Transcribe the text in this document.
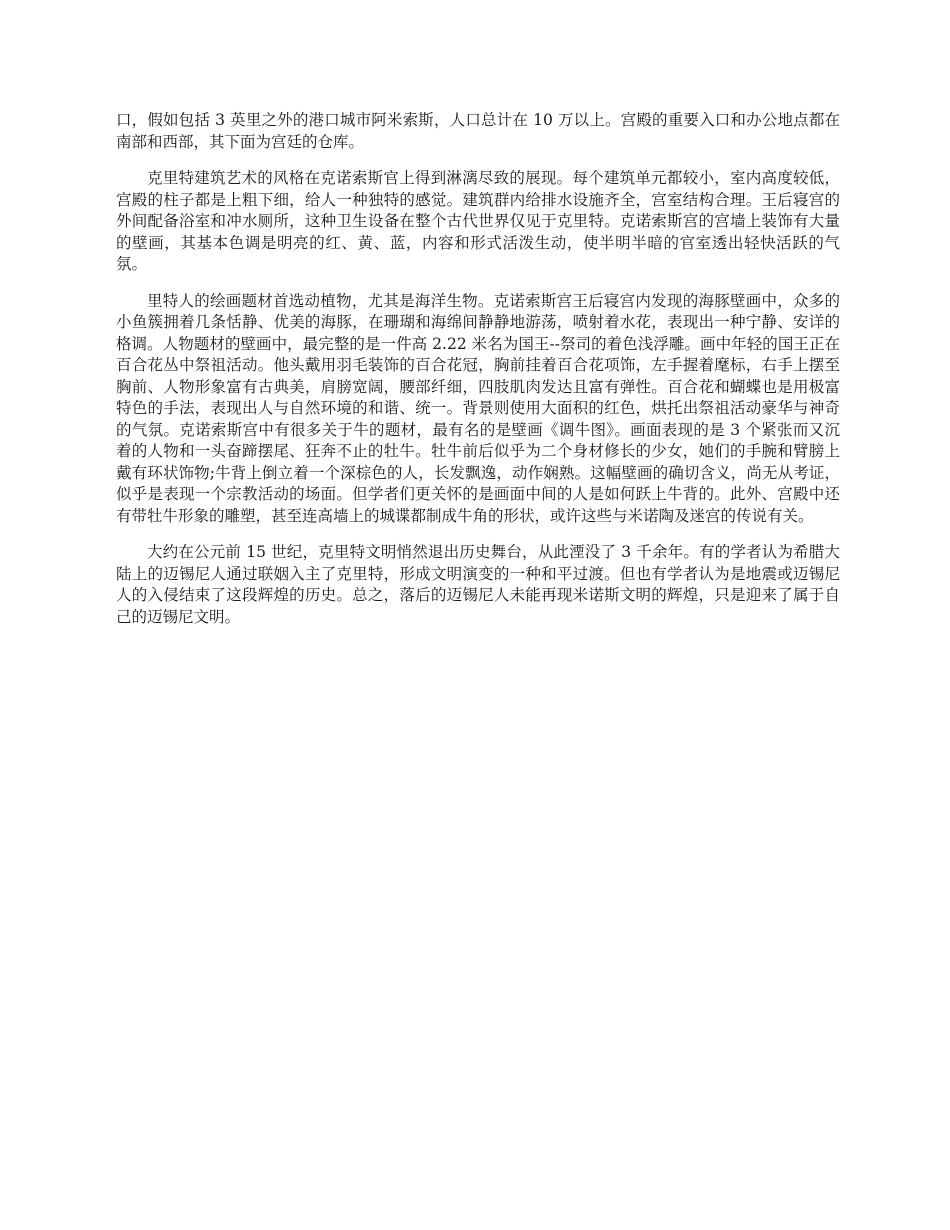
口，假如包括 3 英里之外的港口城市阿米索斯，人口总计在 10 万以上。宫殿的重要入口和办公地点都在南部和西部，其下面为宫廷的仓库。

克里特建筑艺术的风格在克诺索斯官上得到淋漓尽致的展现。每个建筑单元都较小，室内高度较低，宫殿的柱子都是上粗下细，给人一种独特的感觉。建筑群内给排水设施齐全，宫室结构合理。王后寝宫的外间配备浴室和冲水厕所，这种卫生设备在整个古代世界仅见于克里特。克诺索斯宫的宫墙上装饰有大量的壁画，其基本色调是明亮的红、黄、蓝，内容和形式活泼生动，使半明半暗的官室透出轻快活跃的气氛。

里特人的绘画题材首选动植物，尤其是海洋生物。克诺索斯宫王后寝宫内发现的海豚壁画中，众多的小鱼簇拥着几条恬静、优美的海豚，在珊瑚和海绵间静静地游荡，喷射着水花，表现出一种宁静、安详的格调。人物题材的壁画中，最完整的是一件高 2.22 米名为国王--祭司的着色浅浮雕。画中年轻的国王正在百合花丛中祭祖活动。他头戴用羽毛装饰的百合花冠，胸前挂着百合花项饰，左手握着麾标，右手上摆至胸前、人物形象富有古典美，肩膀宽阔，腰部纤细，四肢肌肉发达且富有弹性。百合花和蝴蝶也是用极富特色的手法，表现出人与自然环境的和谐、统一。背景则使用大面积的红色，烘托出祭祖活动豪华与神奇的气氛。克诺索斯宫中有很多关于牛的题材，最有名的是壁画《调牛图》。画面表现的是 3 个紧张而又沉着的人物和一头奋蹄摆尾、狂奔不止的牡牛。牡牛前后似乎为二个身材修长的少女，她们的手腕和臂膀上戴有环状饰物;牛背上倒立着一个深棕色的人，长发飘逸，动作娴熟。这幅壁画的确切含义，尚无从考证，似乎是表现一个宗教活动的场面。但学者们更关怀的是画面中间的人是如何跃上牛背的。此外、宫殿中还有带牡牛形象的雕塑，甚至连高墙上的城谍都制成牛角的形状，或许这些与米诺陶及迷宫的传说有关。

大约在公元前 15 世纪，克里特文明悄然退出历史舞台，从此湮没了 3 千余年。有的学者认为希腊大陆上的迈锡尼人通过联姻入主了克里特，形成文明演变的一种和平过渡。但也有学者认为是地震或迈锡尼人的入侵结束了这段辉煌的历史。总之，落后的迈锡尼人未能再现米诺斯文明的辉煌，只是迎来了属于自己的迈锡尼文明。
